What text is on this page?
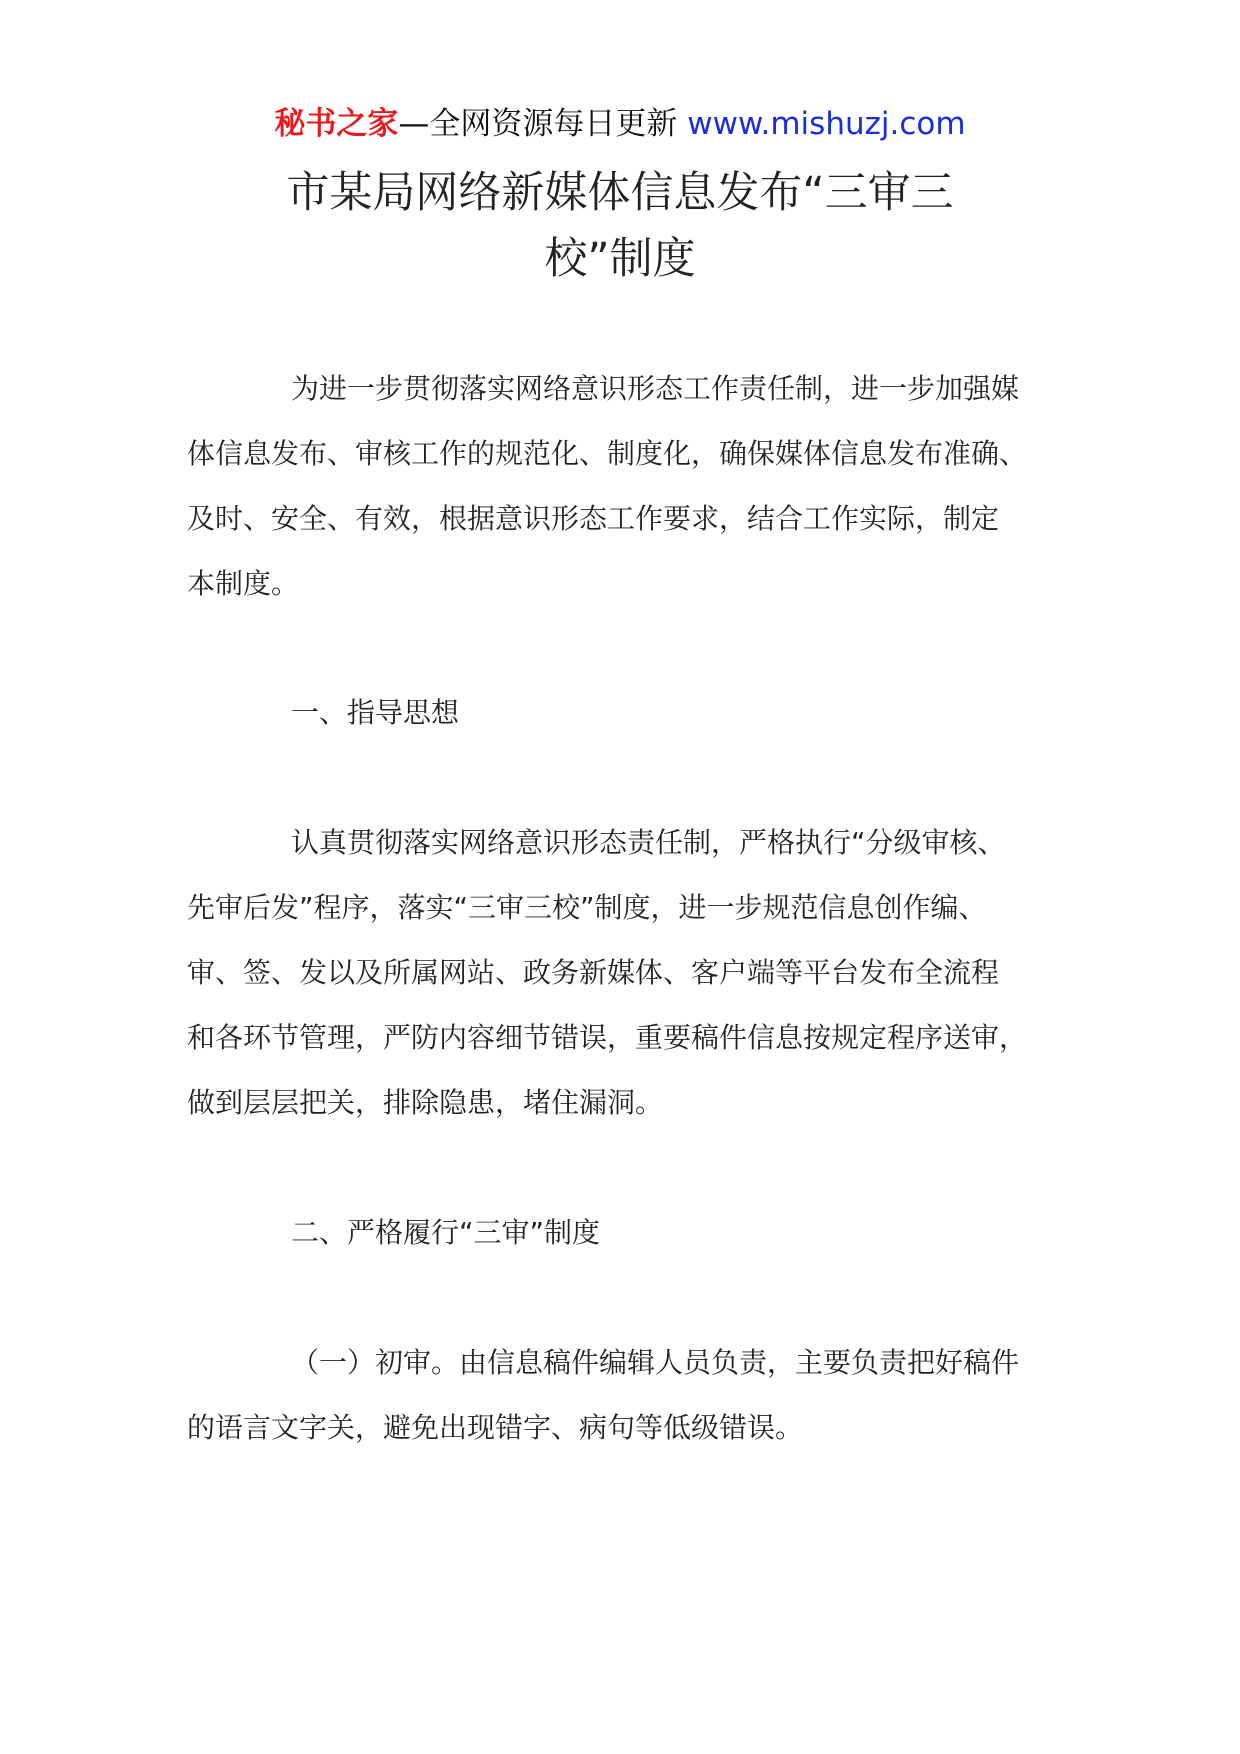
秘书之家—全网资源每日更新 www.mishuzj.com
市某局网络新媒体信息发布“三审三
校”制度
为进一步贯彻落实网络意识形态工作责任制，进一步加强媒
体信息发布、审核工作的规范化、制度化，确保媒体信息发布准确、
及时、安全、有效，根据意识形态工作要求，结合工作实际，制定
本制度。
一、指导思想
认真贯彻落实网络意识形态责任制，严格执行“分级审核、
先审后发”程序，落实“三审三校”制度，进一步规范信息创作编、
审、签、发以及所属网站、政务新媒体、客户端等平台发布全流程
和各环节管理，严防内容细节错误，重要稿件信息按规定程序送审，
做到层层把关，排除隐患，堵住漏洞。
二、严格履行“三审”制度
（一）初审。由信息稿件编辑人员负责，主要负责把好稿件
的语言文字关，避免出现错字、病句等低级错误。
